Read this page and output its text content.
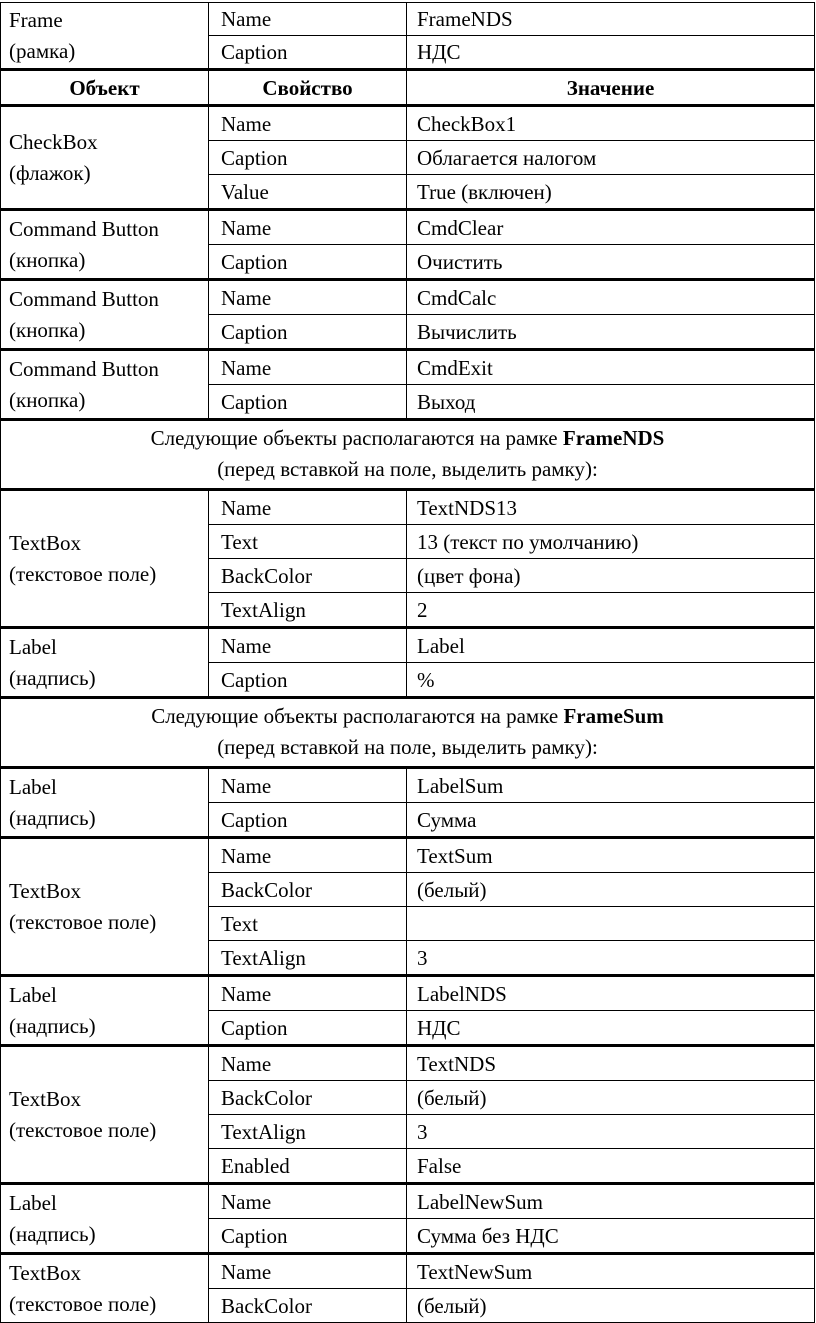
Frame
(рамка)	Name	FrameNDS
	Caption	НДС
Объект	Свойство	Значение

CheckBox
(флажок)	Name	CheckBox1
	Caption	Облагается налогом
	Value	True (включен)

Command Button
(кнопка)	Name	CmdClear
	Caption	Очистить

Command Button
(кнопка)	Name	CmdCalc
	Caption	Вычислить

Command Button
(кнопка)	Name	CmdExit
	Caption	Выход

Следующие объекты располагаются на рамке FrameNDS
(перед вставкой на поле, выделить рамку):		

TextBox
(текстовое поле)	Name	TextNDS13
	Text	13 (текст по умолчанию)
	BackColor	(цвет фона)
	TextAlign	2

Label
(надпись)	Name	Label
	Caption	%

Следующие объекты располагаются на рамке FrameSum
(перед вставкой на поле, выделить рамку):		

Label
(надпись)	Name	LabelSum
	Caption	Сумма

TextBox
(текстовое поле)	Name	TextSum
	BackColor	(белый)
	Text	
	TextAlign	3

Label
(надпись)	Name	LabelNDS
	Caption	НДС

TextBox
(текстовое поле)	Name	TextNDS
	BackColor	(белый)
	TextAlign	3
	Enabled	False

Label
(надпись)	Name	LabelNewSum
	Caption	Сумма без НДС

TextBox
(текстовое поле)	Name	TextNewSum
	BackColor	(белый)
